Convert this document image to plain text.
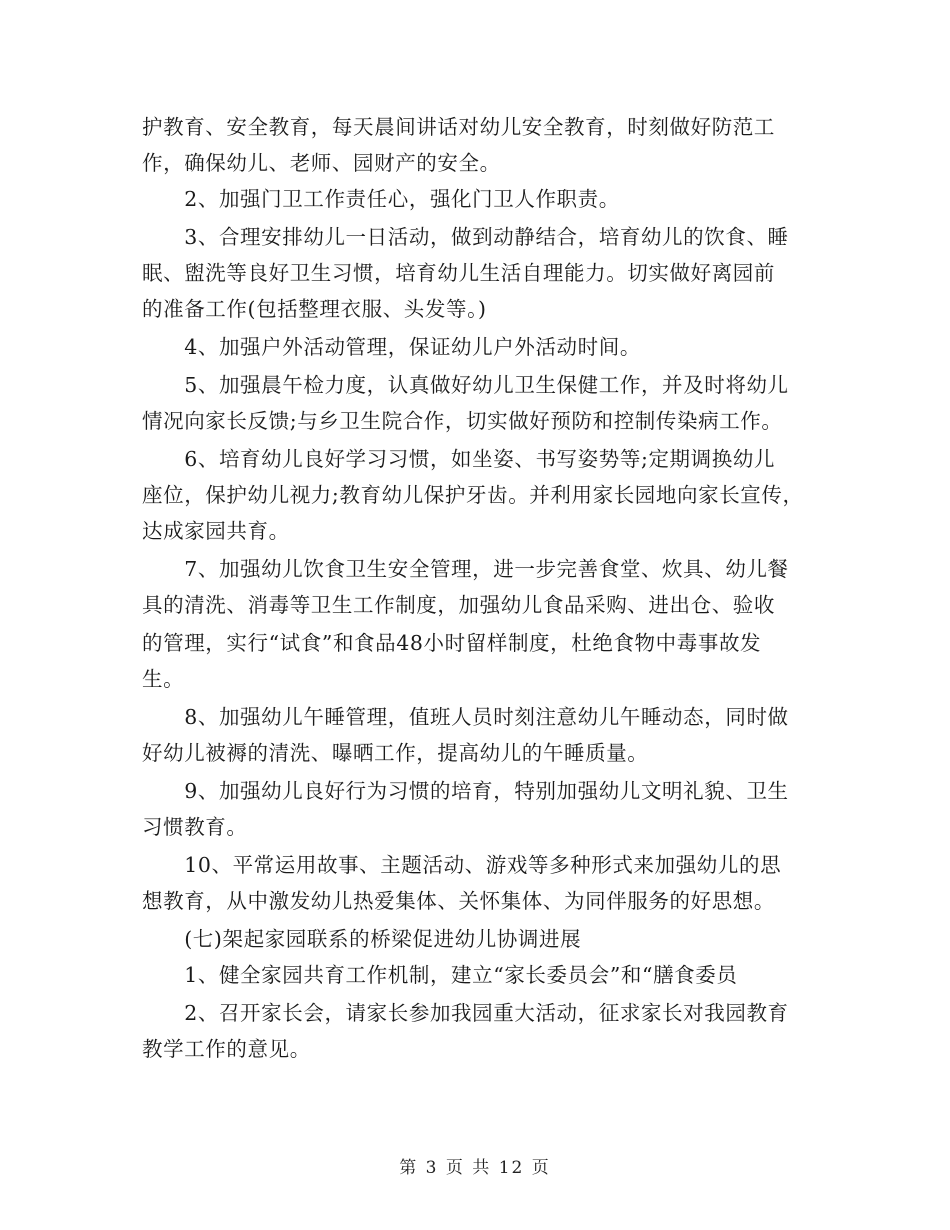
护教育、安全教育，每天晨间讲话对幼儿安全教育，时刻做好防范工
作，确保幼儿、老师、园财产的安全。
　　2、加强门卫工作责任心，强化门卫人作职责。
　　3、合理安排幼儿一日活动，做到动静结合，培育幼儿的饮食、睡
眠、盥洗等良好卫生习惯，培育幼儿生活自理能力。切实做好离园前
的准备工作(包括整理衣服、头发等。)
　　4、加强户外活动管理，保证幼儿户外活动时间。
　　5、加强晨午检力度，认真做好幼儿卫生保健工作，并及时将幼儿
情况向家长反馈;与乡卫生院合作，切实做好预防和控制传染病工作。
　　6、培育幼儿良好学习习惯，如坐姿、书写姿势等;定期调换幼儿
座位，保护幼儿视力;教育幼儿保护牙齿。并利用家长园地向家长宣传，
达成家园共育。
　　7、加强幼儿饮食卫生安全管理，进一步完善食堂、炊具、幼儿餐
具的清洗、消毒等卫生工作制度，加强幼儿食品采购、进出仓、验收
的管理，实行“试食”和食品48小时留样制度，杜绝食物中毒事故发
生。
　　8、加强幼儿午睡管理，值班人员时刻注意幼儿午睡动态，同时做
好幼儿被褥的清洗、曝晒工作，提高幼儿的午睡质量。
　　9、加强幼儿良好行为习惯的培育，特别加强幼儿文明礼貌、卫生
习惯教育。
　　10、平常运用故事、主题活动、游戏等多种形式来加强幼儿的思
想教育，从中激发幼儿热爱集体、关怀集体、为同伴服务的好思想。
　　(七)架起家园联系的桥梁促进幼儿协调进展
　　1、健全家园共育工作机制，建立“家长委员会”和“膳食委员
　　2、召开家长会，请家长参加我园重大活动，征求家长对我园教育
教学工作的意见。
第 3 页 共 12 页
